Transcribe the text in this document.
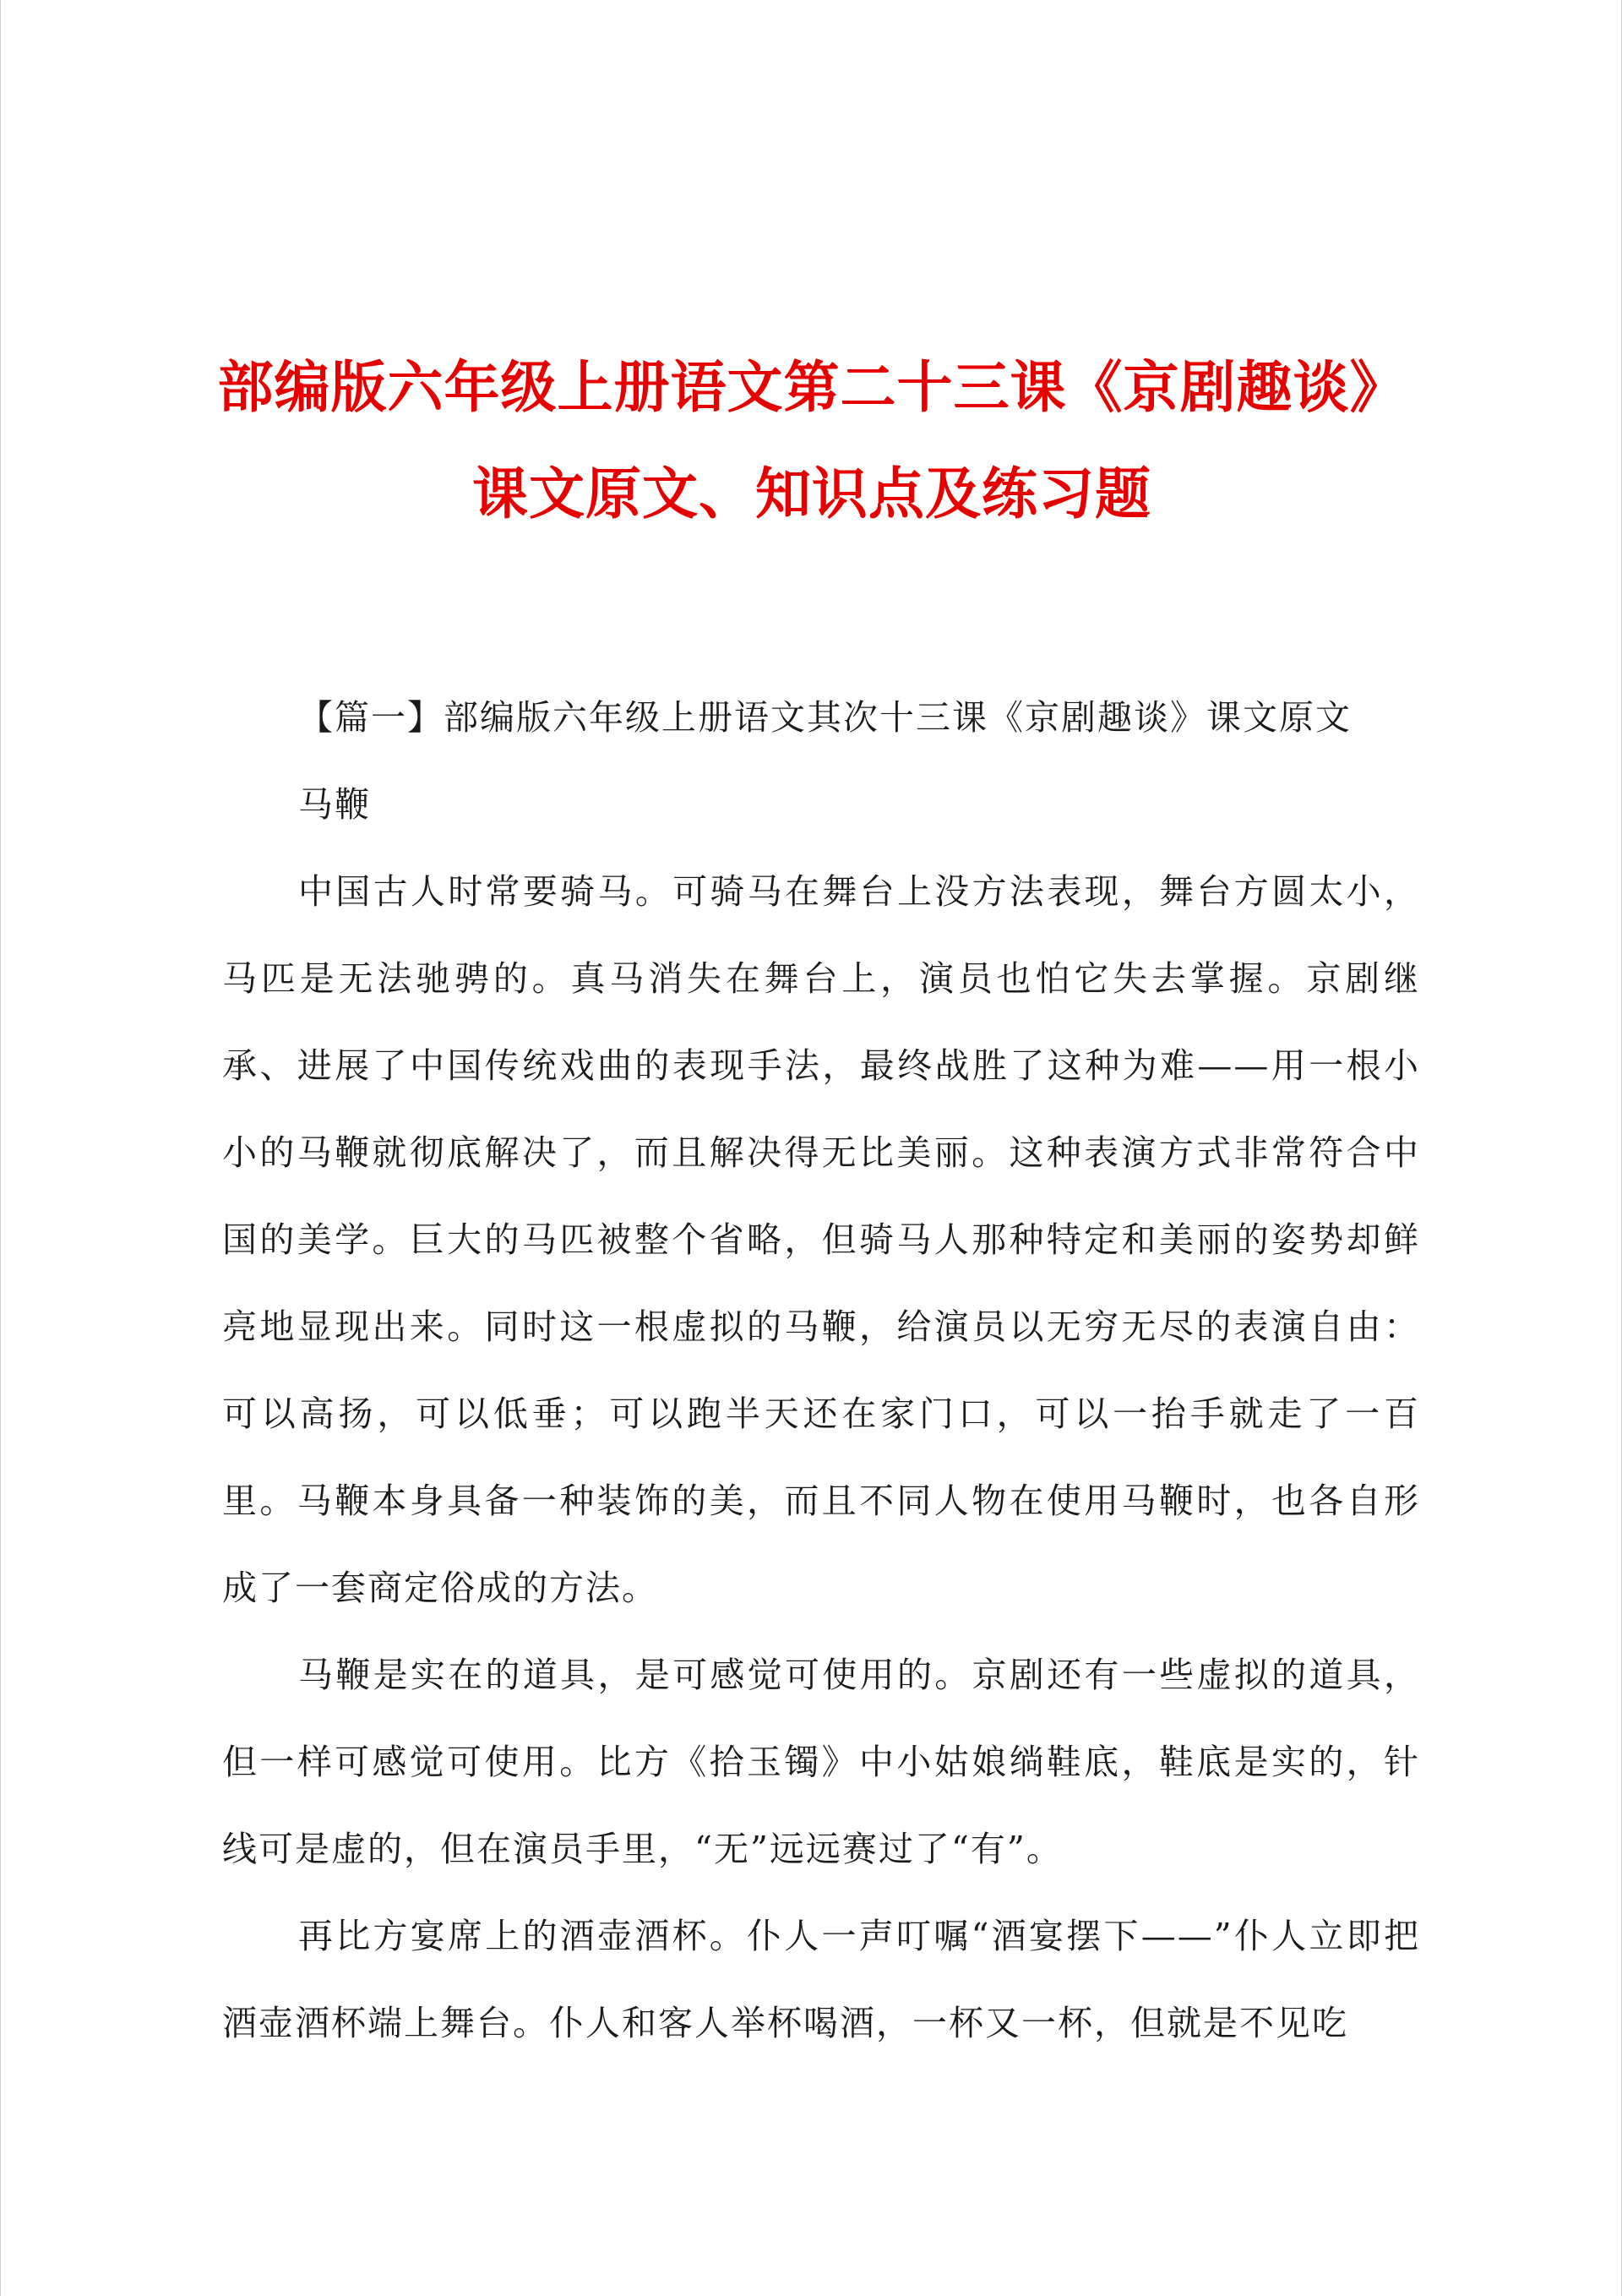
部编版六年级上册语文第二十三课《京剧趣谈》
课文原文、知识点及练习题

【篇一】部编版六年级上册语文其次十三课《京剧趣谈》课文原文

马鞭

中国古人时常要骑马。可骑马在舞台上没方法表现，舞台方圆太小，马匹是无法驰骋的。真马消失在舞台上，演员也怕它失去掌握。京剧继承、进展了中国传统戏曲的表现手法，最终战胜了这种为难——用一根小小的马鞭就彻底解决了，而且解决得无比美丽。这种表演方式非常符合中国的美学。巨大的马匹被整个省略，但骑马人那种特定和美丽的姿势却鲜亮地显现出来。同时这一根虚拟的马鞭，给演员以无穷无尽的表演自由：可以高扬，可以低垂；可以跑半天还在家门口，可以一抬手就走了一百里。马鞭本身具备一种装饰的美，而且不同人物在使用马鞭时，也各自形成了一套商定俗成的方法。

马鞭是实在的道具，是可感觉可使用的。京剧还有一些虚拟的道具，但一样可感觉可使用。比方《拾玉镯》中小姑娘绱鞋底，鞋底是实的，针线可是虚的，但在演员手里，“无”远远赛过了“有”。

再比方宴席上的酒壶酒杯。仆人一声叮嘱“酒宴摆下——”仆人立即把酒壶酒杯端上舞台。仆人和客人举杯喝酒，一杯又一杯，但就是不见吃
